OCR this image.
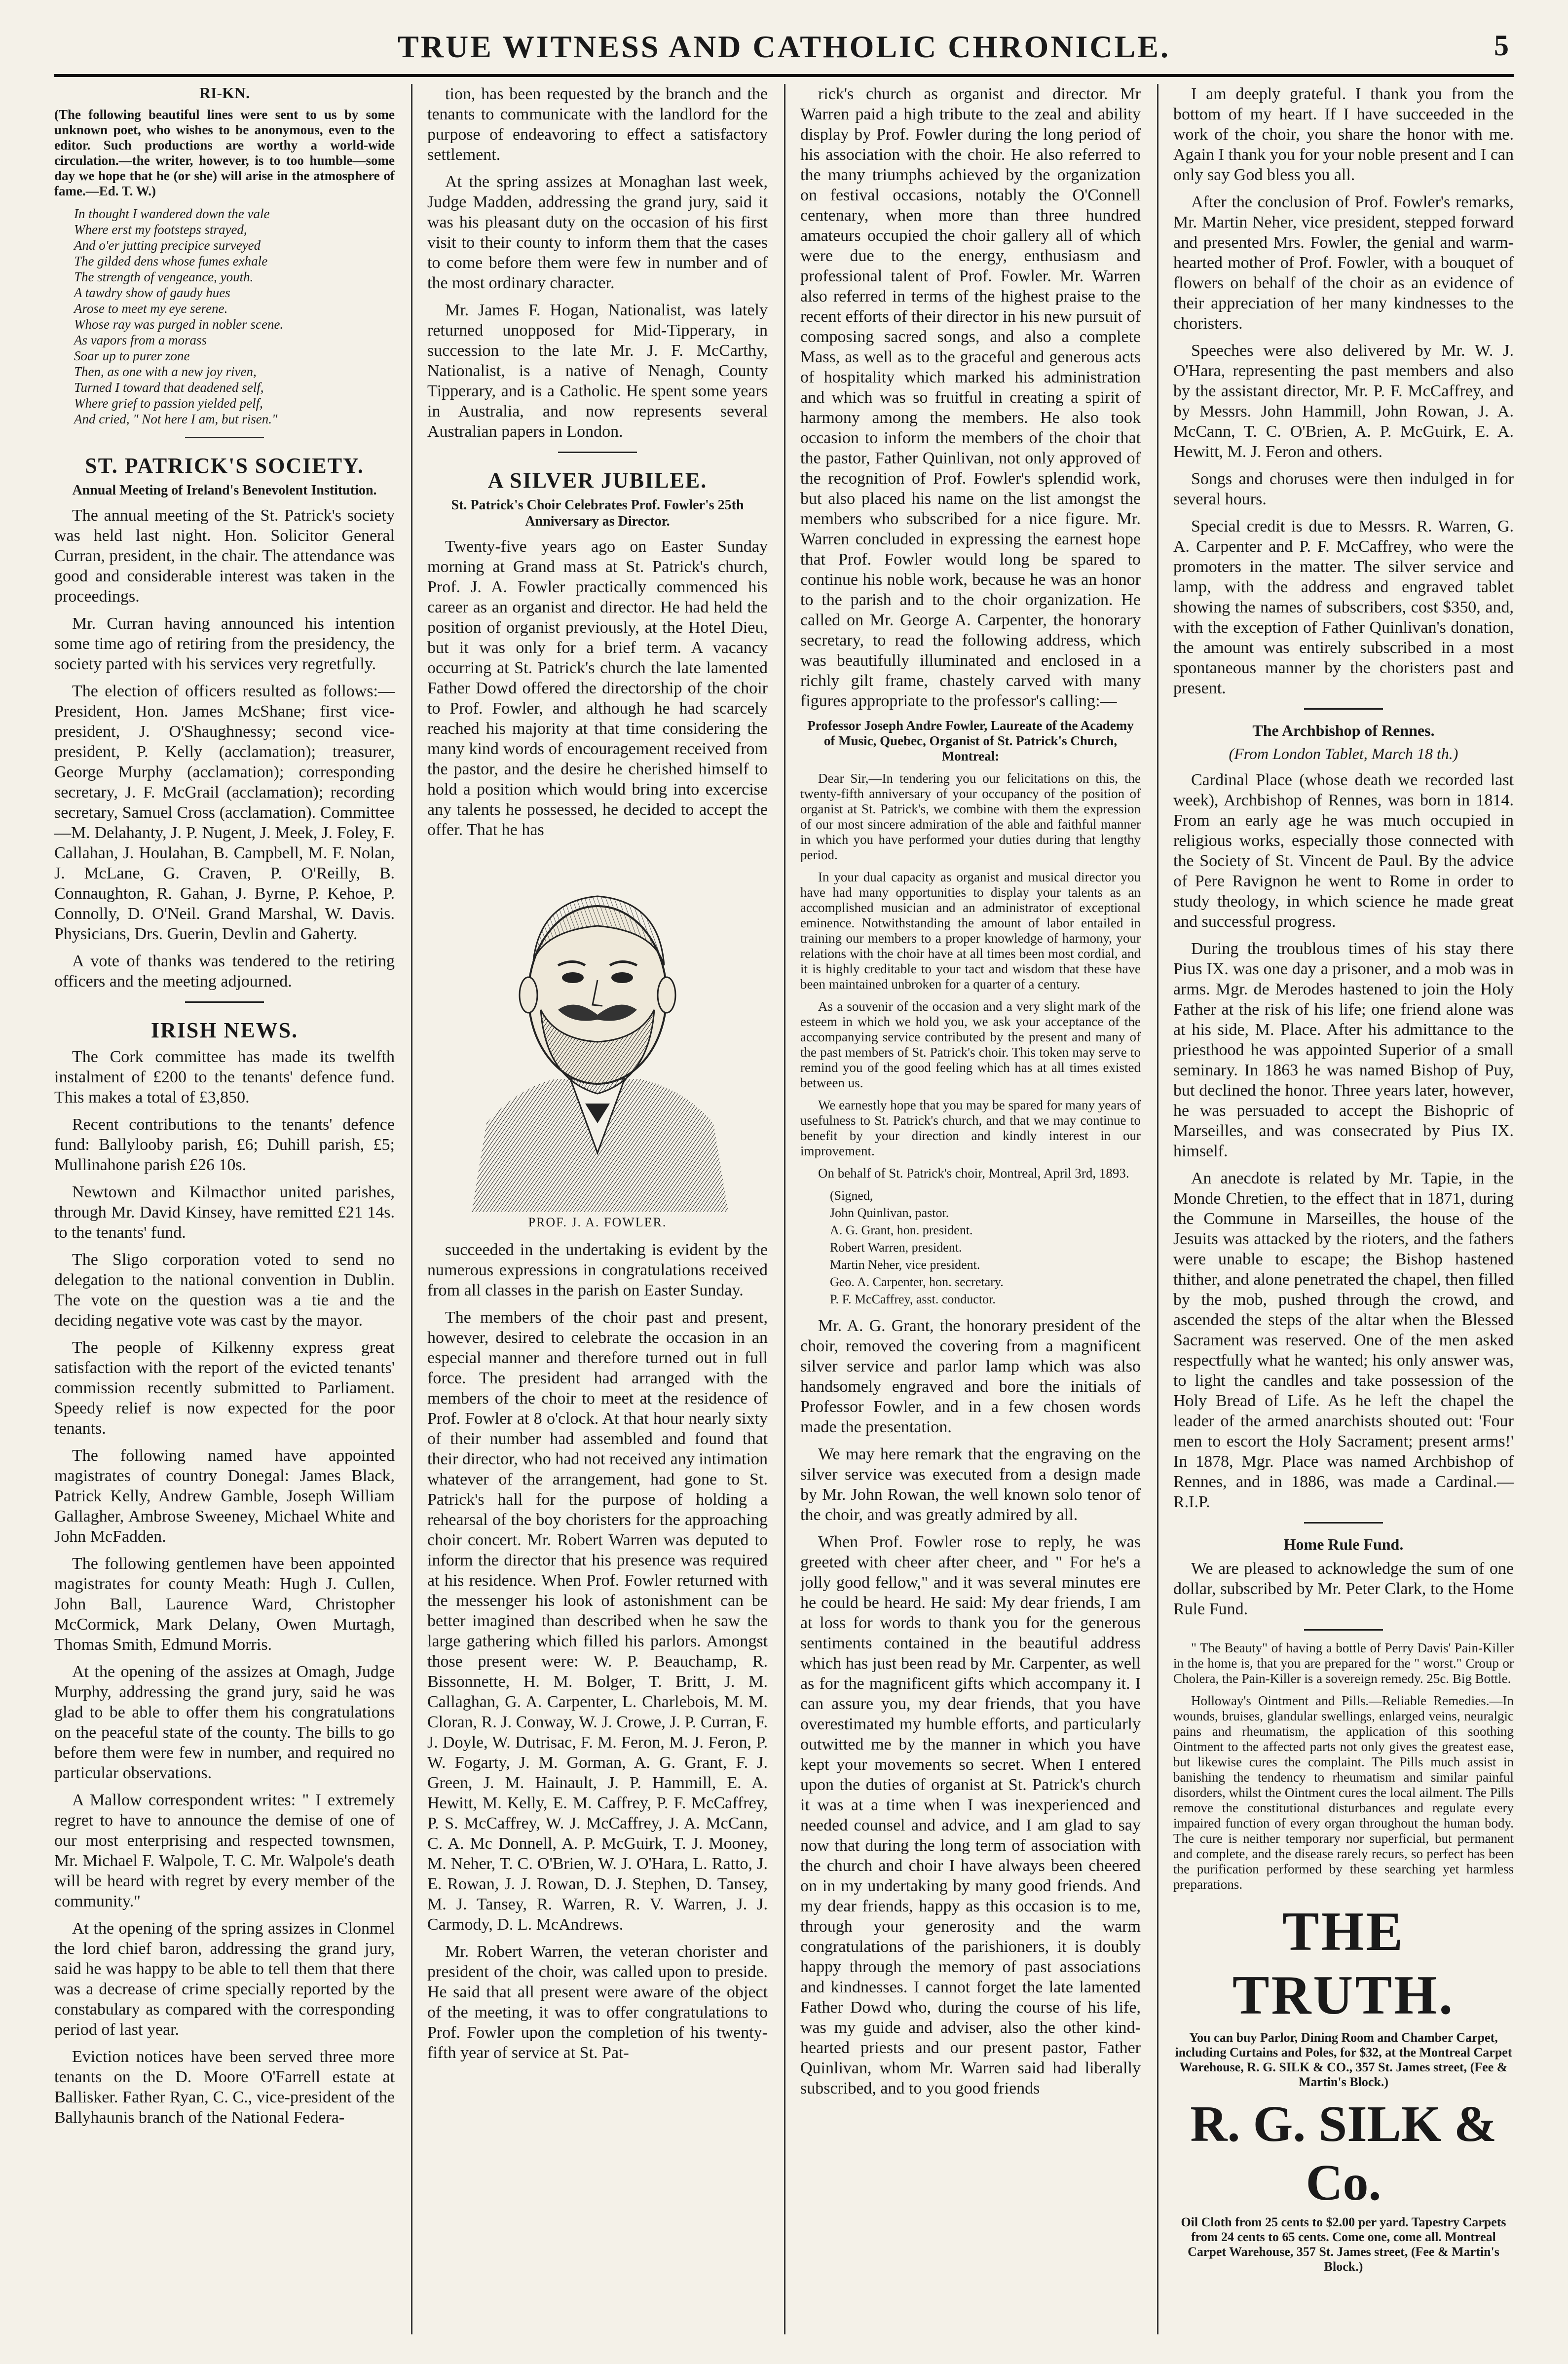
TRUE WITNESS AND CATHOLIC CHRONICLE.	5
RI-KN.

(The following beautiful lines were sent to us by some unknown poet, who wishes to be anonymous, even to the editor. Such productions are worthy a world-wide circulation.—the writer, however, is to too humble—some day we hope that he (or she) will arise in the atmosphere of fame.—Ed. T. W.)

In thought I wandered down the vale
Where erst my footsteps strayed,
And o'er jutting precipice surveyed
The gilded dens whose fumes exhale
The strength of vengeance, youth.
A tawdry show of gaudy hues
Arose to meet my eye serene.
Whose ray was purged in nobler scene.
As vapors from a morass
Soar up to purer zone
Then, as one with a new joy riven,
Turned I toward that deadened self,
Where grief to passion yielded pelf,
And cried, " Not here I am, but risen."
ST. PATRICK'S SOCIETY.
Annual Meeting of Ireland's Benevolent Institution.

The annual meeting of the St. Patrick's society was held last night. Hon. Solicitor General Curran, president, in the chair. The attendance was good and considerable interest was taken in the proceedings.

Mr. Curran having announced his intention some time ago of retiring from the presidency, the society parted with his services very regretfully.

The election of officers resulted as follows:—President, Hon. James McShane; first vice-president, J. O'Shaughnessy; second vice-president, P. Kelly (acclamation); treasurer, George Murphy (acclamation); corresponding secretary, J. F. McGrail (acclamation); recording secretary, Samuel Cross (acclamation). Committee—M. Delahanty, J. P. Nugent, J. Meek, J. Foley, F. Callahan, J. Houlahan, B. Campbell, M. F. Nolan, J. McLane, G. Craven, P. O'Reilly, B. Connaughton, R. Gahan, J. Byrne, P. Kehoe, P. Connolly, D. O'Neil. Grand Marshal, W. Davis. Physicians, Drs. Guerin, Devlin and Gaherty.

A vote of thanks was tendered to the retiring officers and the meeting adjourned.

IRISH NEWS.

The Cork committee has made its twelfth instalment of £200 to the tenants' defence fund. This makes a total of £3,850.

Recent contributions to the tenants' defence fund: Ballylooby parish, £6; Duhill parish, £5; Mullinahone parish £26 10s.

Newtown and Kilmacthor united parishes, through Mr. David Kinsey, have remitted £21 14s. to the tenants' fund.

The Sligo corporation voted to send no delegation to the national convention in Dublin. The vote on the question was a tie and the deciding negative vote was cast by the mayor.

The people of Kilkenny express great satisfaction with the report of the evicted tenants' commission recently submitted to Parliament. Speedy relief is now expected for the poor tenants.

The following named have appointed magistrates of country Donegal: James Black, Patrick Kelly, Andrew Gamble, Joseph William Gallagher, Ambrose Sweeney, Michael White and John McFadden.

The following gentlemen have been appointed magistrates for county Meath: Hugh J. Cullen, John Ball, Laurence Ward, Christopher McCormick, Mark Delany, Owen Murtagh, Thomas Smith, Edmund Morris.

At the opening of the assizes at Omagh, Judge Murphy, addressing the grand jury, said he was glad to be able to offer them his congratulations on the peaceful state of the county. The bills to go before them were few in number, and required no particular observations.

A Mallow correspondent writes: " I extremely regret to have to announce the demise of one of our most enterprising and respected townsmen, Mr. Michael F. Walpole, T. C. Mr. Walpole's death will be heard with regret by every member of the community."

At the opening of the spring assizes in Clonmel the lord chief baron, addressing the grand jury, said he was happy to be able to tell them that there was a decrease of crime specially reported by the constabulary as compared with the corresponding period of last year.

Eviction notices have been served three more tenants on the D. Moore O'Farrell estate at Ballisker. Father Ryan, C. C., vice-president of the Ballyhaunis branch of the National Federa-

tion, has been requested by the branch and the tenants to communicate with the landlord for the purpose of endeavoring to effect a satisfactory settlement.

At the spring assizes at Monaghan last week, Judge Madden, addressing the grand jury, said it was his pleasant duty on the occasion of his first visit to their county to inform them that the cases to come before them were few in number and of the most ordinary character.

Mr. James F. Hogan, Nationalist, was lately returned unopposed for Mid-Tipperary, in succession to the late Mr. J. F. McCarthy, Nationalist, is a native of Nenagh, County Tipperary, and is a Catholic. He spent some years in Australia, and now represents several Australian papers in London.

A SILVER JUBILEE.
St. Patrick's Choir Celebrates Prof. Fowler's 25th Anniversary as Director.

Twenty-five years ago on Easter Sunday morning at Grand mass at St. Patrick's church, Prof. J. A. Fowler practically commenced his career as an organist and director. He had held the position of organist previously, at the Hotel Dieu, but it was only for a brief term. A vacancy occurring at St. Patrick's church the late lamented Father Dowd offered the directorship of the choir to Prof. Fowler, and although he had scarcely reached his majority at that time considering the many kind words of encouragement received from the pastor, and the desire he cherished himself to hold a position which would bring into excercise any talents he possessed, he decided to accept the offer. That he has

PROF. J. A. FOWLER.

succeeded in the undertaking is evident by the numerous expressions in congratulations received from all classes in the parish on Easter Sunday.

The members of the choir past and present, however, desired to celebrate the occasion in an especial manner and therefore turned out in full force. The president had arranged with the members of the choir to meet at the residence of Prof. Fowler at 8 o'clock. At that hour nearly sixty of their number had assembled and found that their director, who had not received any intimation whatever of the arrangement, had gone to St. Patrick's hall for the purpose of holding a rehearsal of the boy choristers for the approaching choir concert. Mr. Robert Warren was deputed to inform the director that his presence was required at his residence. When Prof. Fowler returned with the messenger his look of astonishment can be better imagined than described when he saw the large gathering which filled his parlors. Amongst those present were: W. P. Beauchamp, R. Bissonnette, H. M. Bolger, T. Britt, J. M. Callaghan, G. A. Carpenter, L. Charlebois, M. M. Cloran, R. J. Conway, W. J. Crowe, J. P. Curran, F. J. Doyle, W. Dutrisac, F. M. Feron, M. J. Feron, P. W. Fogarty, J. M. Gorman, A. G. Grant, F. J. Green, J. M. Hainault, J. P. Hammill, E. A. Hewitt, M. Kelly, E. M. Caffrey, P. F. McCaffrey, P. S. McCaffrey, W. J. McCaffrey, J. A. McCann, C. A. Mc Donnell, A. P. McGuirk, T. J. Mooney, M. Neher, T. C. O'Brien, W. J. O'Hara, L. Ratto, J. E. Rowan, J. J. Rowan, D. J. Stephen, D. Tansey, M. J. Tansey, R. Warren, R. V. Warren, J. J. Carmody, D. L. McAndrews.

Mr. Robert Warren, the veteran chorister and president of the choir, was called upon to preside. He said that all present were aware of the object of the meeting, it was to offer congratulations to Prof. Fowler upon the completion of his twenty-fifth year of service at St. Pat-

rick's church as organist and director. Mr Warren paid a high tribute to the zeal and ability display by Prof. Fowler during the long period of his association with the choir. He also referred to the many triumphs achieved by the organization on festival occasions, notably the O'Connell centenary, when more than three hundred amateurs occupied the choir gallery all of which were due to the energy, enthusiasm and professional talent of Prof. Fowler. Mr. Warren also referred in terms of the highest praise to the recent efforts of their director in his new pursuit of composing sacred songs, and also a complete Mass, as well as to the graceful and generous acts of hospitality which marked his administration and which was so fruitful in creating a spirit of harmony among the members. He also took occasion to inform the members of the choir that the pastor, Father Quinlivan, not only approved of the recognition of Prof. Fowler's splendid work, but also placed his name on the list amongst the members who subscribed for a nice figure. Mr. Warren concluded in expressing the earnest hope that Prof. Fowler would long be spared to continue his noble work, because he was an honor to the parish and to the choir organization. He called on Mr. George A. Carpenter, the honorary secretary, to read the following address, which was beautifully illuminated and enclosed in a richly gilt frame, chastely carved with many figures appropriate to the professor's calling:—

Professor Joseph Andre Fowler, Laureate of the Academy of Music, Quebec, Organist of St. Patrick's Church, Montreal:

Dear Sir,—In tendering you our felicitations on this, the twenty-fifth anniversary of your occupancy of the position of organist at St. Patrick's, we combine with them the expression of our most sincere admiration of the able and faithful manner in which you have performed your duties during that lengthy period.

In your dual capacity as organist and musical director you have had many opportunities to display your talents as an accomplished musician and an administrator of exceptional eminence. Notwithstanding the amount of labor entailed in training our members to a proper knowledge of harmony, your relations with the choir have at all times been most cordial, and it is highly creditable to your tact and wisdom that these have been maintained unbroken for a quarter of a century.

As a souvenir of the occasion and a very slight mark of the esteem in which we hold you, we ask your acceptance of the accompanying service contributed by the present and many of the past members of St. Patrick's choir. This token may serve to remind you of the good feeling which has at all times existed between us.

We earnestly hope that you may be spared for many years of usefulness to St. Patrick's church, and that we may continue to benefit by your direction and kindly interest in our improvement.

On behalf of St. Patrick's choir, Montreal, April 3rd, 1893.

(Signed,
John Quinlivan, pastor.
A. G. Grant, hon. president.
Robert Warren, president.
Martin Neher, vice president.
Geo. A. Carpenter, hon. secretary.
P. F. McCaffrey, asst. conductor.

Mr. A. G. Grant, the honorary president of the choir, removed the covering from a magnificent silver service and parlor lamp which was also handsomely engraved and bore the initials of Professor Fowler, and in a few chosen words made the presentation.

We may here remark that the engraving on the silver service was executed from a design made by Mr. John Rowan, the well known solo tenor of the choir, and was greatly admired by all.

When Prof. Fowler rose to reply, he was greeted with cheer after cheer, and " For he's a jolly good fellow," and it was several minutes ere he could be heard. He said: My dear friends, I am at loss for words to thank you for the generous sentiments contained in the beautiful address which has just been read by Mr. Carpenter, as well as for the magnificent gifts which accompany it. I can assure you, my dear friends, that you have overestimated my humble efforts, and particularly outwitted me by the manner in which you have kept your movements so secret. When I entered upon the duties of organist at St. Patrick's church it was at a time when I was inexperienced and needed counsel and advice, and I am glad to say now that during the long term of association with the church and choir I have always been cheered on in my undertaking by many good friends. And my dear friends, happy as this occasion is to me, through your generosity and the warm congratulations of the parishioners, it is doubly happy through the memory of past associations and kindnesses. I cannot forget the late lamented Father Dowd who, during the course of his life, was my guide and adviser, also the other kind-hearted priests and our present pastor, Father Quinlivan, whom Mr. Warren said had liberally subscribed, and to you good friends

I am deeply grateful. I thank you from the bottom of my heart. If I have succeeded in the work of the choir, you share the honor with me. Again I thank you for your noble present and I can only say God bless you all.

After the conclusion of Prof. Fowler's remarks, Mr. Martin Neher, vice president, stepped forward and presented Mrs. Fowler, the genial and warm-hearted mother of Prof. Fowler, with a bouquet of flowers on behalf of the choir as an evidence of their appreciation of her many kindnesses to the choristers.

Speeches were also delivered by Mr. W. J. O'Hara, representing the past members and also by the assistant director, Mr. P. F. McCaffrey, and by Messrs. John Hammill, John Rowan, J. A. McCann, T. C. O'Brien, A. P. McGuirk, E. A. Hewitt, M. J. Feron and others.

Songs and choruses were then indulged in for several hours.

Special credit is due to Messrs. R. Warren, G. A. Carpenter and P. F. McCaffrey, who were the promoters in the matter. The silver service and lamp, with the address and engraved tablet showing the names of subscribers, cost $350, and, with the exception of Father Quinlivan's donation, the amount was entirely subscribed in a most spontaneous manner by the choristers past and present.

The Archbishop of Rennes.
(From London Tablet, March 18 th.)

Cardinal Place (whose death we recorded last week), Archbishop of Rennes, was born in 1814. From an early age he was much occupied in religious works, especially those connected with the Society of St. Vincent de Paul. By the advice of Pere Ravignon he went to Rome in order to study theology, in which science he made great and successful progress.

During the troublous times of his stay there Pius IX. was one day a prisoner, and a mob was in arms. Mgr. de Merodes hastened to join the Holy Father at the risk of his life; one friend alone was at his side, M. Place. After his admittance to the priesthood he was appointed Superior of a small seminary. In 1863 he was named Bishop of Puy, but declined the honor. Three years later, however, he was persuaded to accept the Bishopric of Marseilles, and was consecrated by Pius IX. himself.

An anecdote is related by Mr. Tapie, in the Monde Chretien, to the effect that in 1871, during the Commune in Marseilles, the house of the Jesuits was attacked by the rioters, and the fathers were unable to escape; the Bishop hastened thither, and alone penetrated the chapel, then filled by the mob, pushed through the crowd, and ascended the steps of the altar when the Blessed Sacrament was reserved. One of the men asked respectfully what he wanted; his only answer was, to light the candles and take possession of the Holy Bread of Life. As he left the chapel the leader of the armed anarchists shouted out: 'Four men to escort the Holy Sacrament; present arms!' In 1878, Mgr. Place was named Archbishop of Rennes, and in 1886, was made a Cardinal.—R.I.P.

Home Rule Fund.

We are pleased to acknowledge the sum of one dollar, subscribed by Mr. Peter Clark, to the Home Rule Fund.

" The Beauty" of having a bottle of Perry Davis' Pain-Killer in the home is, that you are prepared for the " worst." Croup or Cholera, the Pain-Killer is a sovereign remedy. 25c. Big Bottle.

Holloway's Ointment and Pills.—Reliable Remedies.—In wounds, bruises, glandular swellings, enlarged veins, neuralgic pains and rheumatism, the application of this soothing Ointment to the affected parts not only gives the greatest ease, but likewise cures the complaint. The Pills much assist in banishing the tendency to rheumatism and similar painful disorders, whilst the Ointment cures the local ailment. The Pills remove the constitutional disturbances and regulate every impaired function of every organ throughout the human body. The cure is neither temporary nor superficial, but permanent and complete, and the disease rarely recurs, so perfect has been the purification performed by these searching yet harmless preparations.

THE TRUTH.
You can buy Parlor, Dining Room and Chamber Carpet, including Curtains and Poles, for $32, at the Montreal Carpet Warehouse, R. G. SILK & CO., 357 St. James street, (Fee & Martin's Block.)
R. G. SILK & Co.
Oil Cloth from 25 cents to $2.00 per yard. Tapestry Carpets from 24 cents to 65 cents. Come one, come all. Montreal Carpet Warehouse, 357 St. James street, (Fee & Martin's Block.)
